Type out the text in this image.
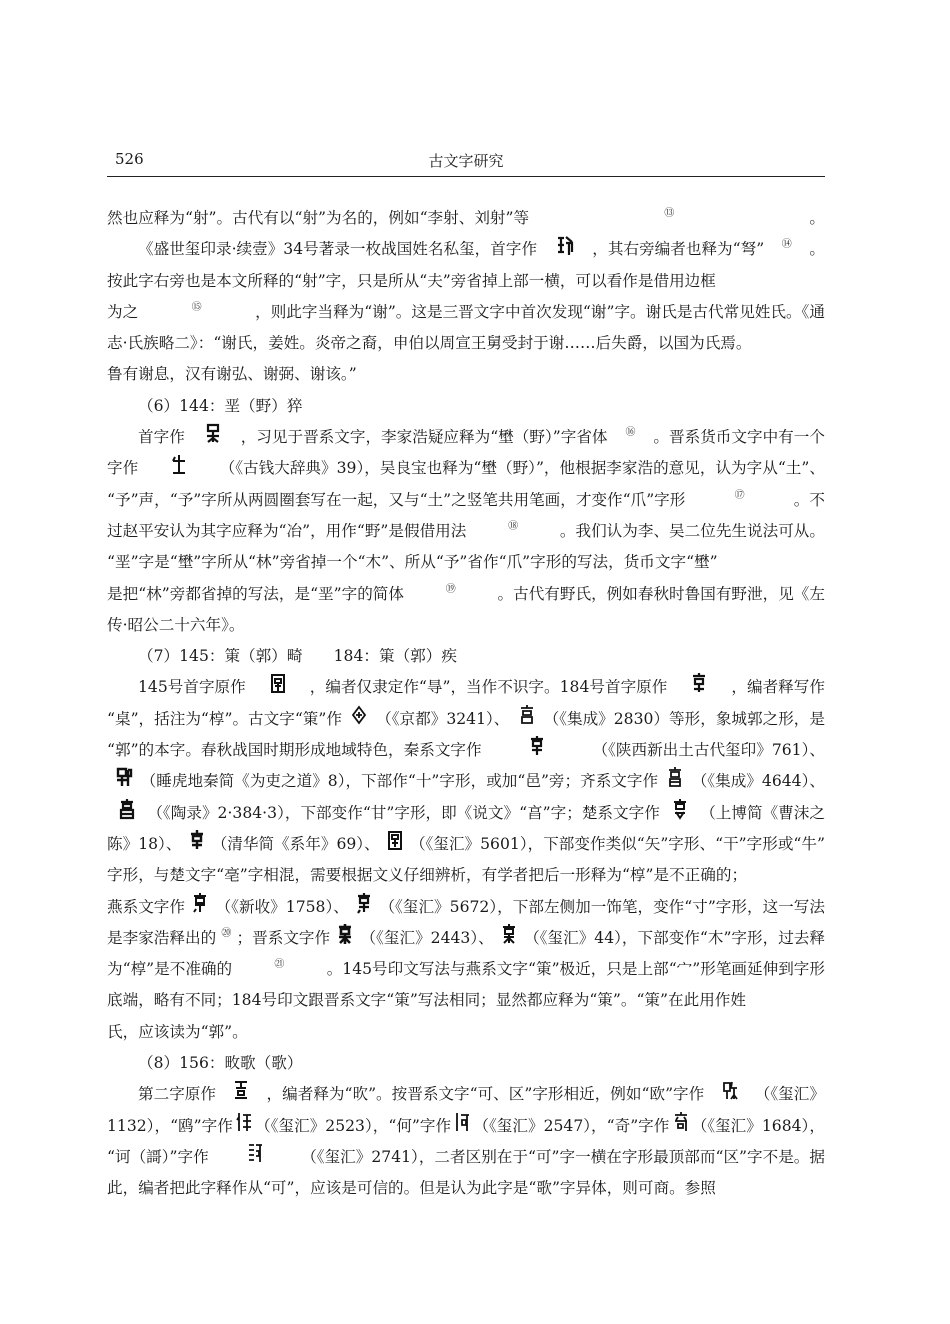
526	古文字研究
然也应释为“射”。古代有以“射”为名的，例如“李射、刘射”等	⑬	。
《盛世玺印录·续壹》34号著录一枚战国姓名私玺，首字作	，其右旁编者也释为“弩” ⑭ 。
按此字右旁也是本文所释的“射”字，只是所从“夫”旁省掉上部一横，可以看作是借用边框
为之	⑮	，则此字当释为“谢”。这是三晋文字中首次发现“谢”字。谢氏是古代常见姓氏。《通
志·氏族略二》：“谢氏，姜姓。炎帝之裔，申伯以周宣王舅受封于谢……后失爵，以国为氏焉。
鲁有谢息，汉有谢弘、谢弼、谢该。”
（6）144：垩（野）猝
首字作	，习见于晋系文字，李家浩疑应释为“壄（野）”字省体 ⑯ 。晋系货币文字中有一个
字作	（《古钱大辞典》39），吴良宝也释为“壄（野）”，他根据李家浩的意见，认为字从“土”、
“予”声，“予”字所从两圆圈套写在一起，又与“土”之竖笔共用笔画，才变作“爪”字形	⑰	。不
过赵平安认为其字应释为“冶”，用作“野”是假借用法	⑱	。我们认为李、吴二位先生说法可从。
“垩”字是“壄”字所从“林”旁省掉一个“木”、所从“予”省作“爪”字形的写法，货币文字“壄”
是把“林”旁都省掉的写法，是“垩”字的简体	⑲	。古代有野氏，例如春秋时鲁国有野泄，见《左
传·昭公二十六年》。
（7）145：䇿（郭）畸　　184：䇿（郭）疾
145号首字原作	，编者仅隶定作“㝵”，当作不识字。184号首字原作	，编者释写作
“桌”，括注为“椁”。古文字“䇿”作 （《京都》3241）、 （《集成》2830）等形，象城郭之形，是
“郭”的本字。春秋战国时期形成地域特色，秦系文字作	（《陕西新出土古代玺印》761）、
（睡虎地秦简《为吏之道》8），下部作“十”字形，或加“邑”旁；齐系文字作 （《集成》4644）、
（《陶录》2·384·3），下部变作“甘”字形，即《说文》“亯”字；楚系文字作	（上博简《曹沫之
陈》18）、 （清华简《系年》69）、 （《玺汇》5601），下部变作类似“矢”字形、“干”字形或“牛”
字形，与楚文字“亳”字相混，需要根据文义仔细辨析，有学者把后一形释为“椁”是不正确的；
燕系文字作 （《新收》1758）、 （《玺汇》5672），下部左侧加一饰笔，变作“寸”字形，这一写法
是李家浩释出的 ⑳ ；晋系文字作 （《玺汇》2443）、 （《玺汇》44），下部变作“木”字形，过去释
为“椁”是不准确的	㉑	。145号印文写法与燕系文字“䇿”极近，只是上部“宀”形笔画延伸到字形
底端，略有不同；184号印文跟晋系文字“䇿”写法相同；显然都应释为“䇿”。“䇿”在此用作姓
氏，应该读为“郭”。
（8）156：畋歌（歌）
第二字原作	，编者释为“欥”。按晋系文字“可、区”字形相近，例如“欧”字作	（《玺汇》
1132），“鸥”字作 （《玺汇》2523），“何”字作 （《玺汇》2547），“奇”字作 （《玺汇》1684），
“诃（謌）”字作	（《玺汇》2741），二者区别在于“可”字一横在字形最顶部而“区”字不是。据
此，编者把此字释作从“可”，应该是可信的。但是认为此字是“歌”字异体，则可商。参照
